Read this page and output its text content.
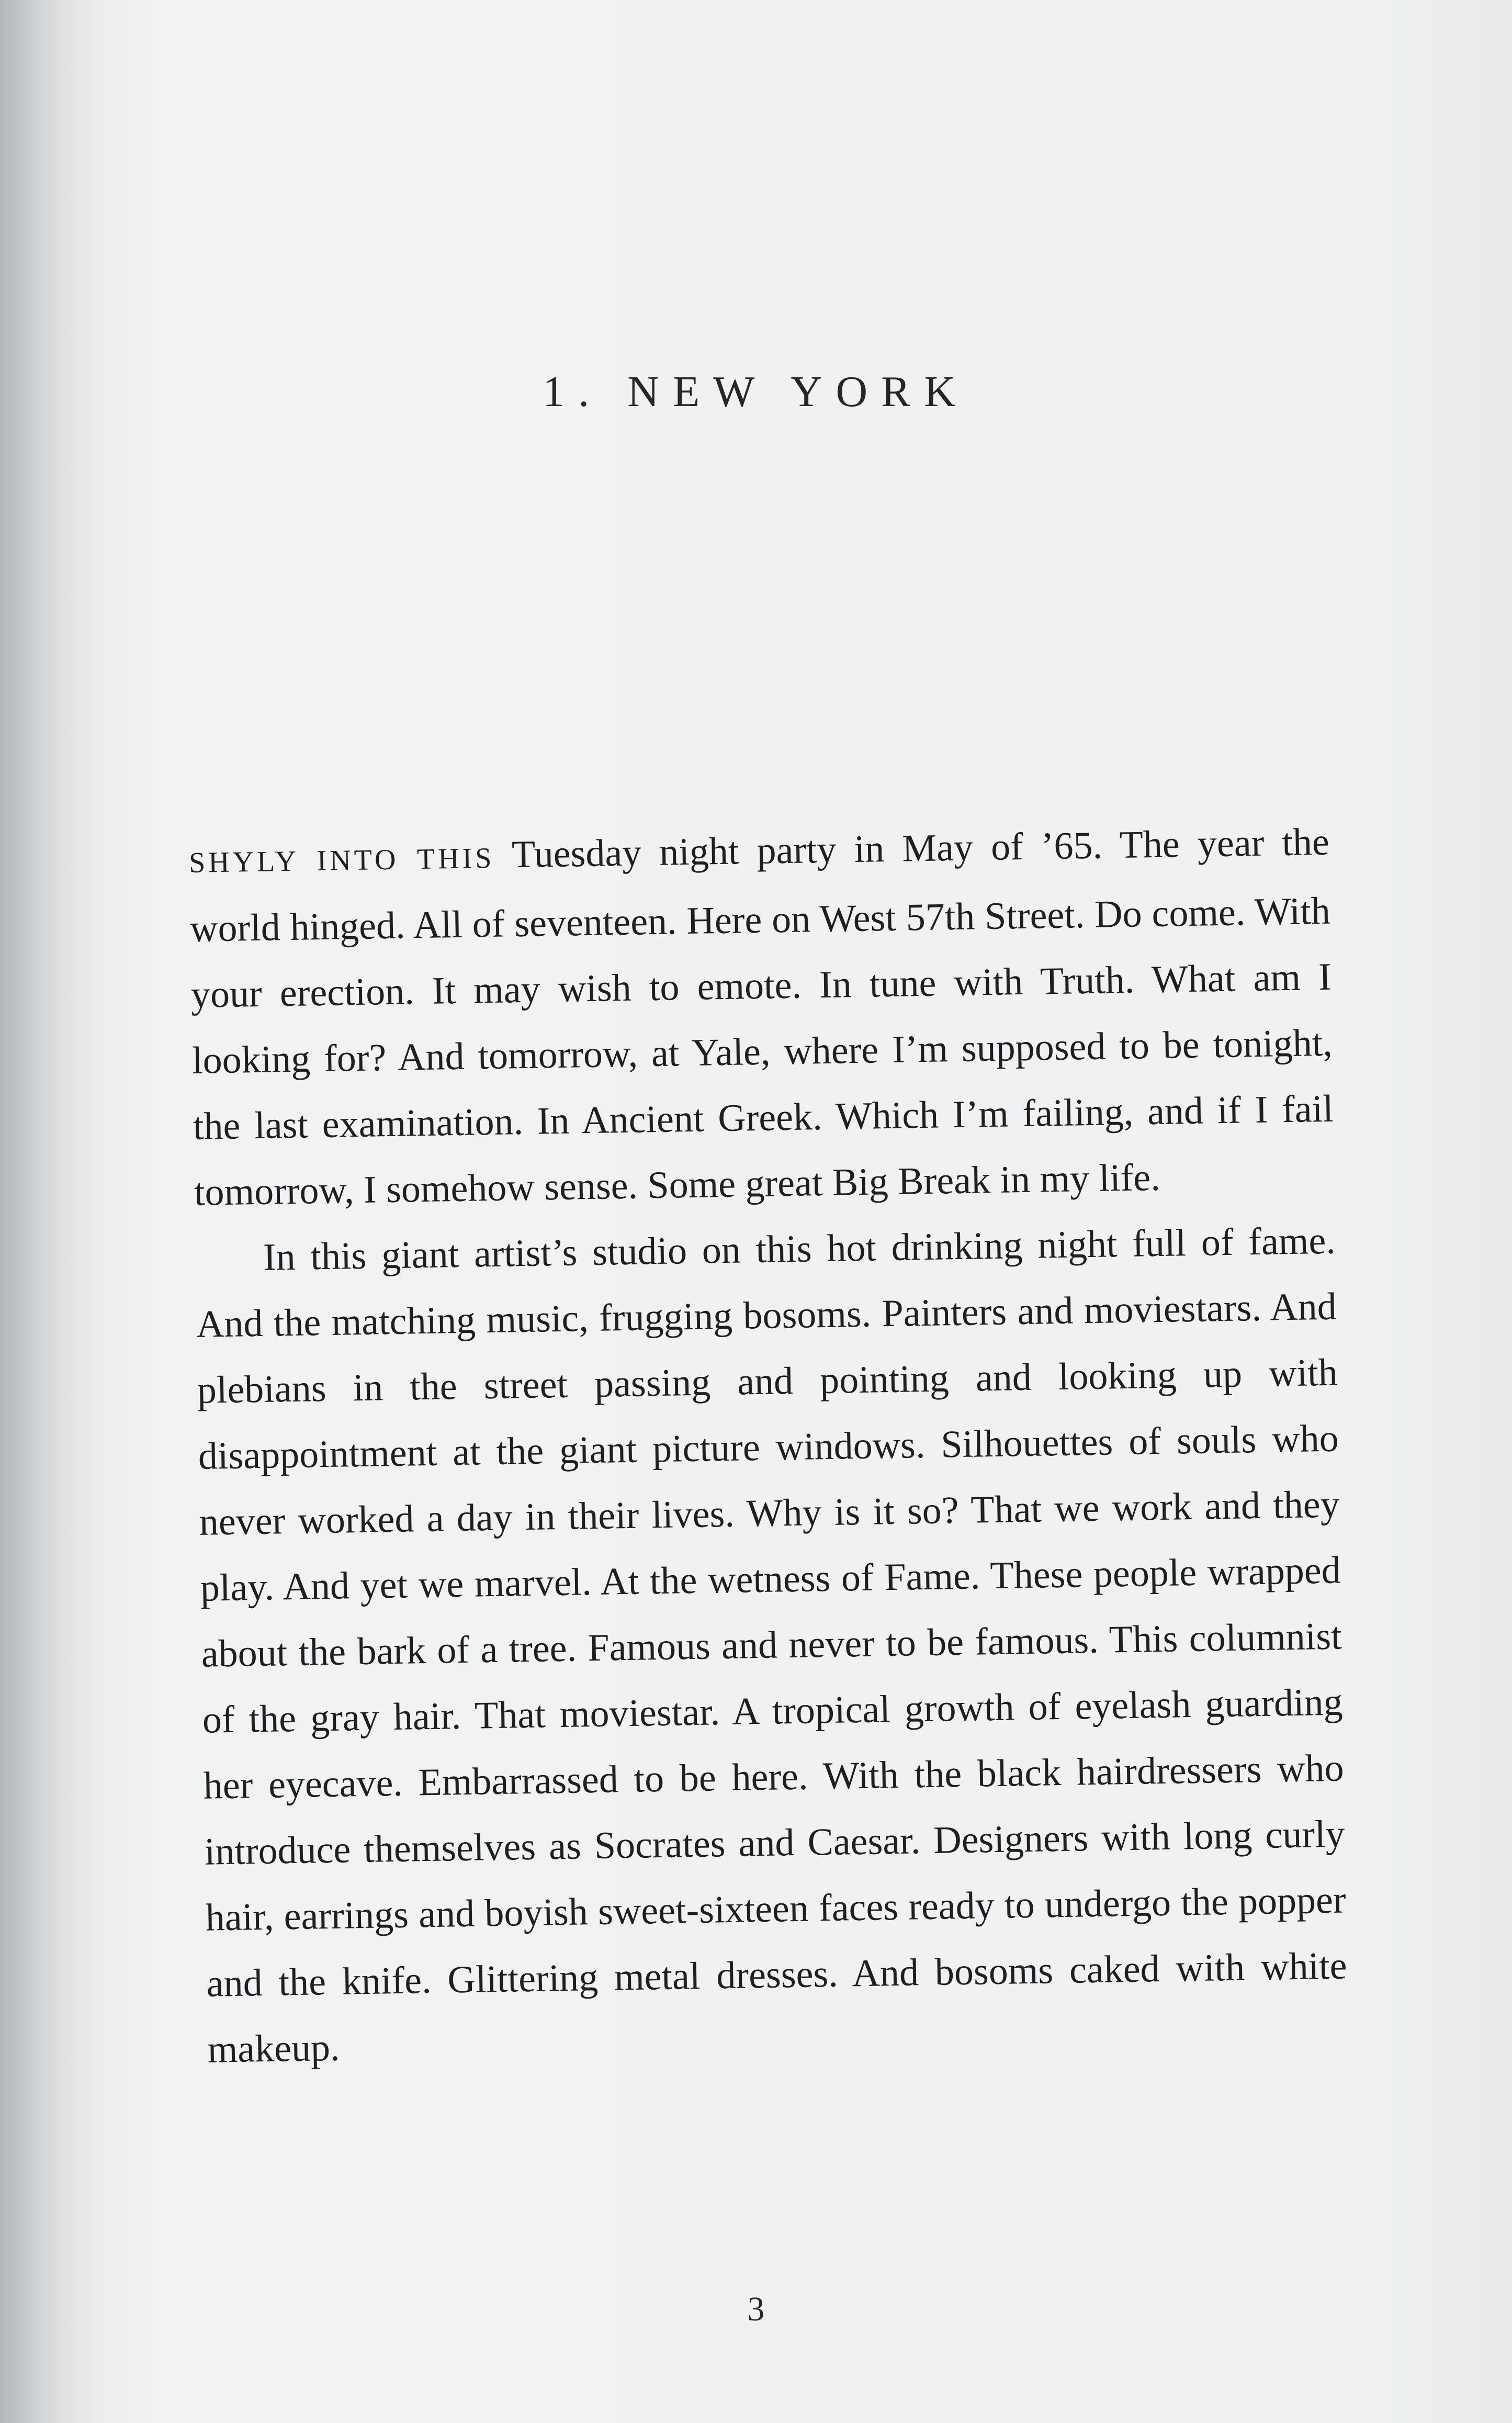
1. NEW YORK

SHYLY INTO THIS Tuesday night party in May of ’65. The year the world hinged. All of seventeen. Here on West 57th Street. Do come. With your erection. It may wish to emote. In tune with Truth. What am I looking for? And tomorrow, at Yale, where I’m supposed to be tonight, the last examination. In Ancient Greek. Which I’m failing, and if I fail tomorrow, I somehow sense. Some great Big Break in my life.

In this giant artist’s studio on this hot drinking night full of fame. And the matching music, frugging bosoms. Painters and moviestars. And plebians in the street passing and pointing and looking up with disappointment at the giant picture windows. Silhouettes of souls who never worked a day in their lives. Why is it so? That we work and they play. And yet we marvel. At the wetness of Fame. These people wrapped about the bark of a tree. Famous and never to be famous. This columnist of the gray hair. That moviestar. A tropical growth of eyelash guarding her eyecave. Embarrassed to be here. With the black hairdressers who introduce themselves as Socrates and Caesar. Designers with long curly hair, earrings and boyish sweet-sixteen faces ready to undergo the popper and the knife. Glittering metal dresses. And bosoms caked with white makeup.

3
